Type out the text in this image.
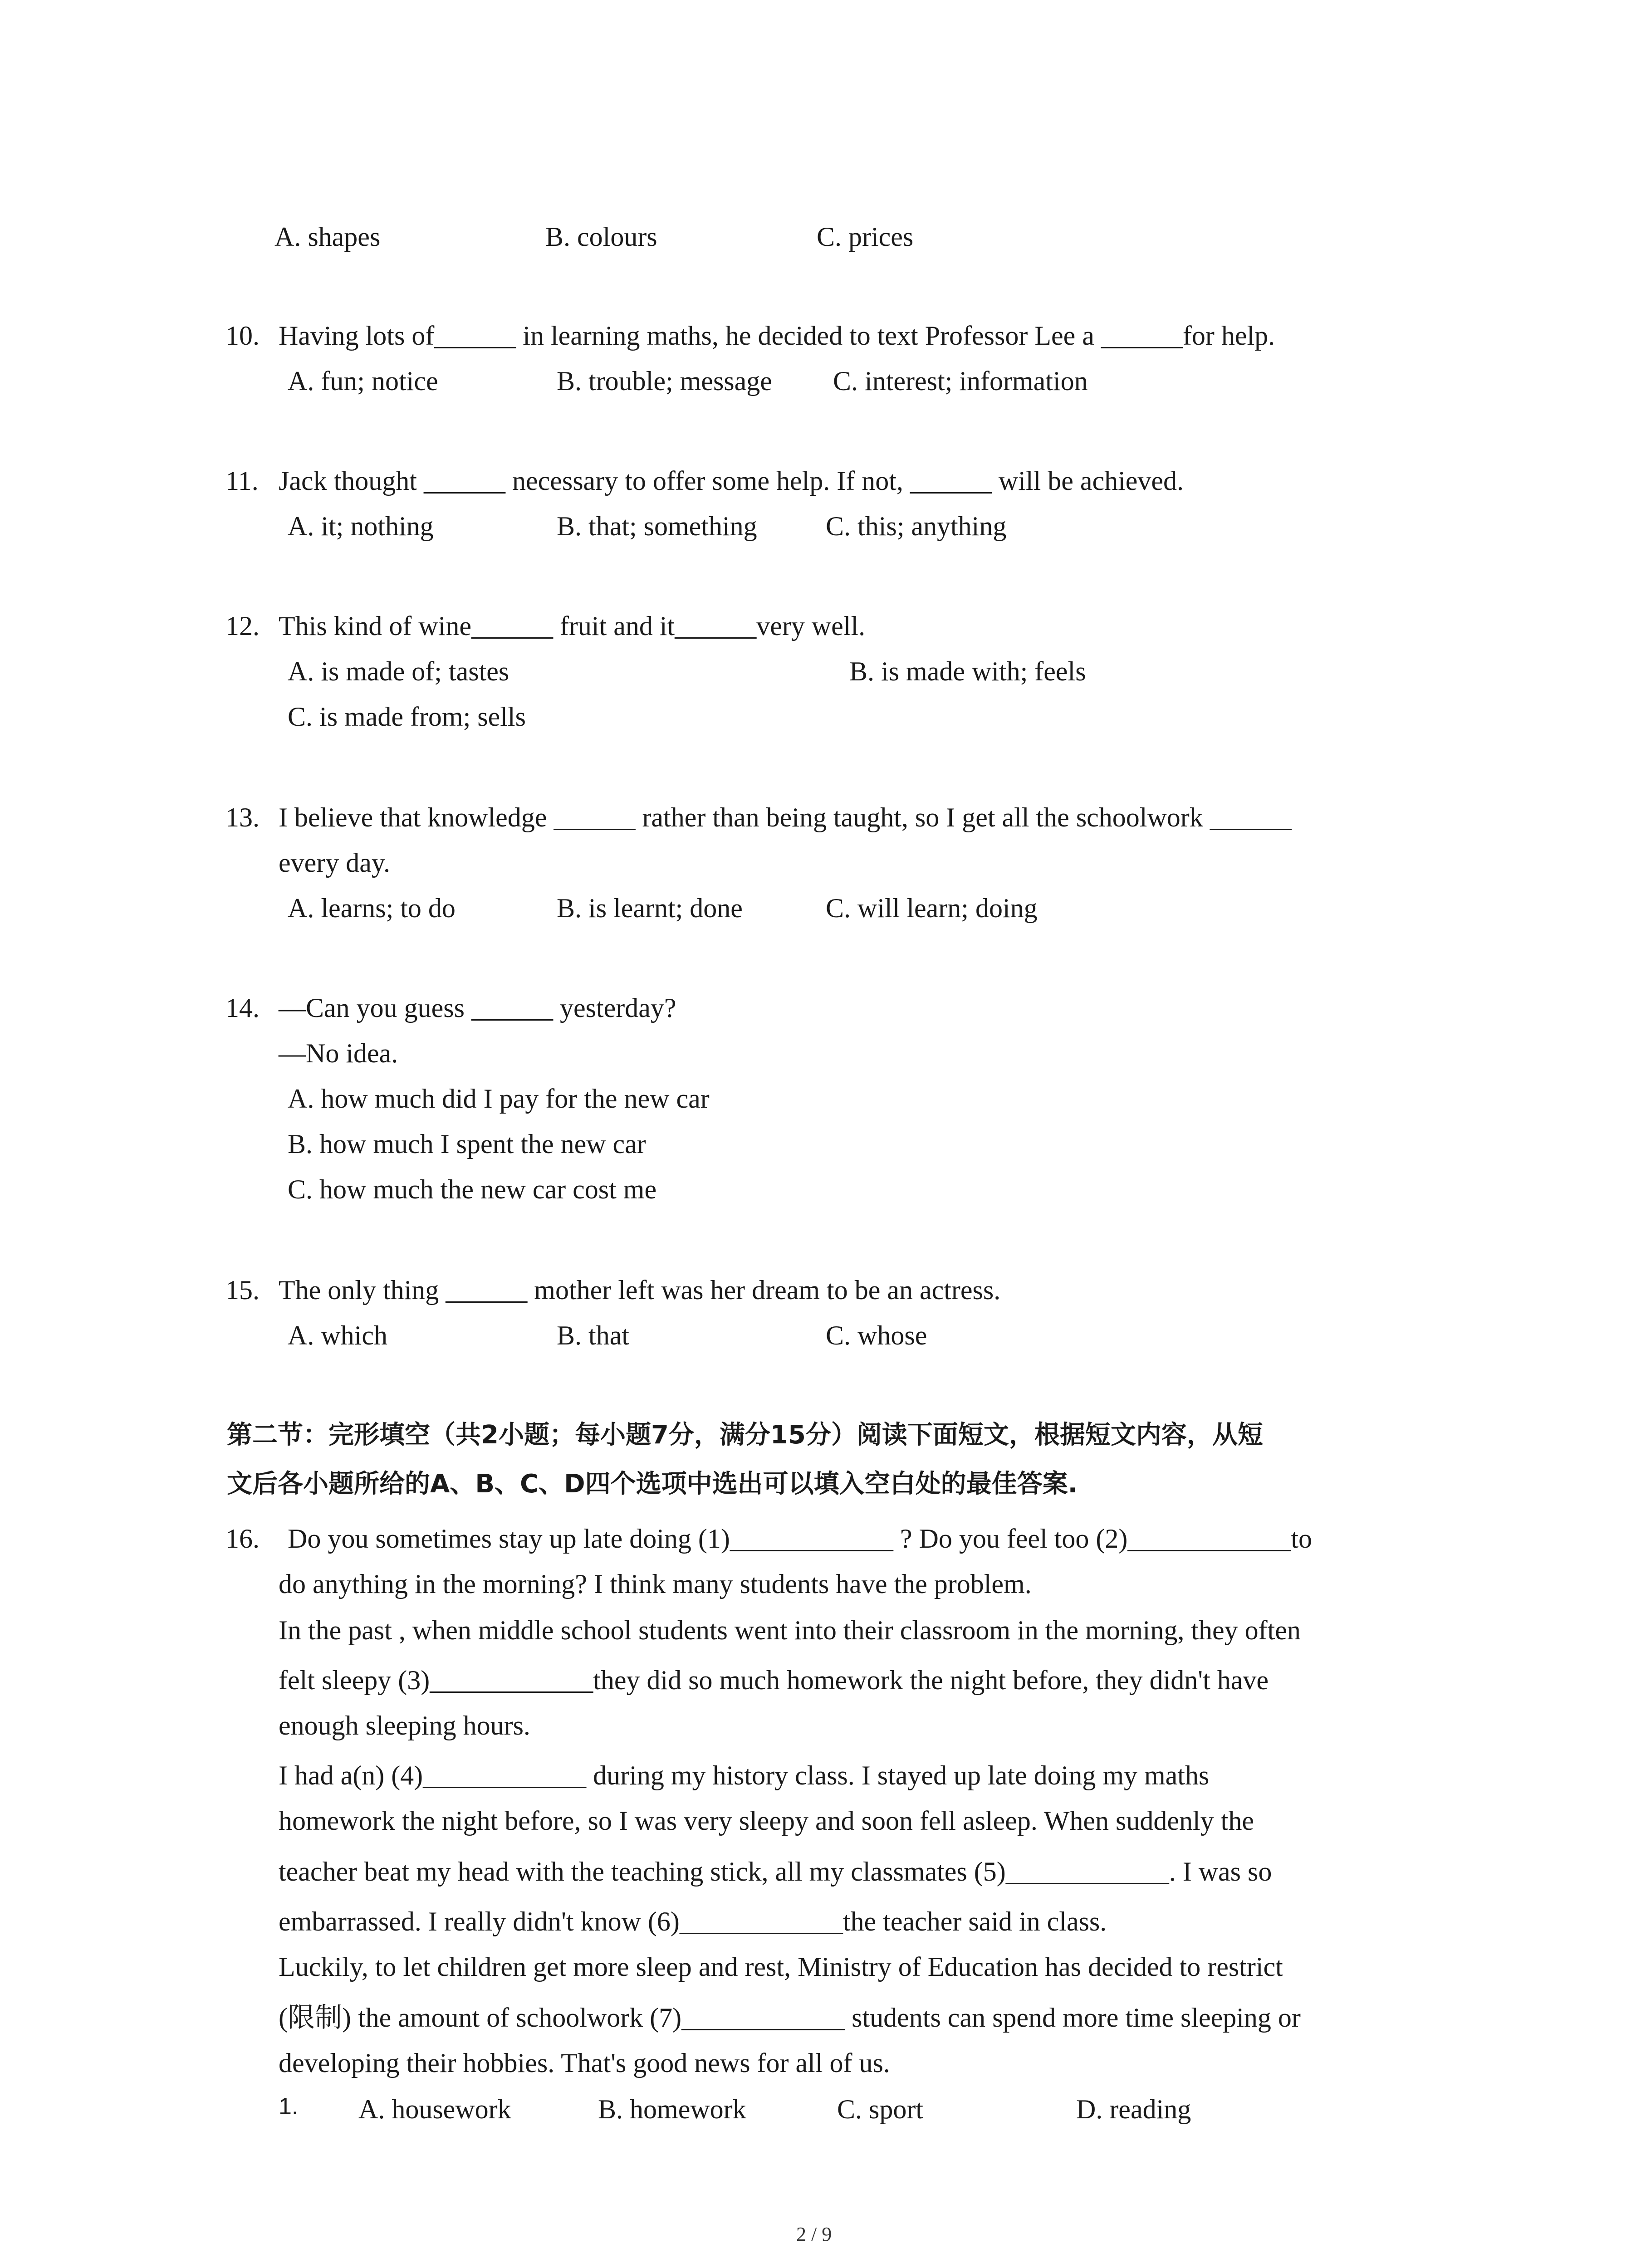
A. shapes	B. colours	C. prices
10. Having lots of______ in learning maths, he decided to text Professor Lee a ______for help.
A. fun; notice	B. trouble; message C. interest; information
11. Jack thought ______ necessary to offer some help. If not, ______ will be achieved.
A. it; nothing	B. that; something	C. this; anything
12. This kind of wine______ fruit and it______very well.
A. is made of; tastes	B. is made with; feels
C. is made from; sells
13. I believe that knowledge ______ rather than being taught, so I get all the schoolwork ______
every day.
A. learns; to do	B. is learnt; done	C. will learn; doing
14. —Can you guess ______ yesterday?
—No idea.
A. how much did I pay for the new car
B. how much I spent the new car
C. how much the new car cost me
15. The only thing ______ mother left was her dream to be an actress.
A. which	B. that	C. whose
第二节：完形填空（共2小题；每小题7分，满分15分）阅读下面短文，根据短文内容，从短
文后各小题所给的A、B、C、D四个选项中选出可以填入空白处的最佳答案.
16. Do you sometimes stay up late doing (1)____________ ? Do you feel too (2)____________to
do anything in the morning? I think many students have the problem.
In the past , when middle school students went into their classroom in the morning, they often
felt sleepy (3)____________they did so much homework the night before, they didn't have
enough sleeping hours.
I had a(n) (4)____________ during my history class. I stayed up late doing my maths
homework the night before, so I was very sleepy and soon fell asleep. When suddenly the
teacher beat my head with the teaching stick, all my classmates (5)____________. I was so
embarrassed. I really didn't know (6)____________the teacher said in class.
Luckily, to let children get more sleep and rest, Ministry of Education has decided to restrict
(限制) the amount of schoolwork (7)____________ students can spend more time sleeping or
developing their hobbies. That's good news for all of us.
1. A. housework	B. homework	C. sport	D. reading
2 / 9
